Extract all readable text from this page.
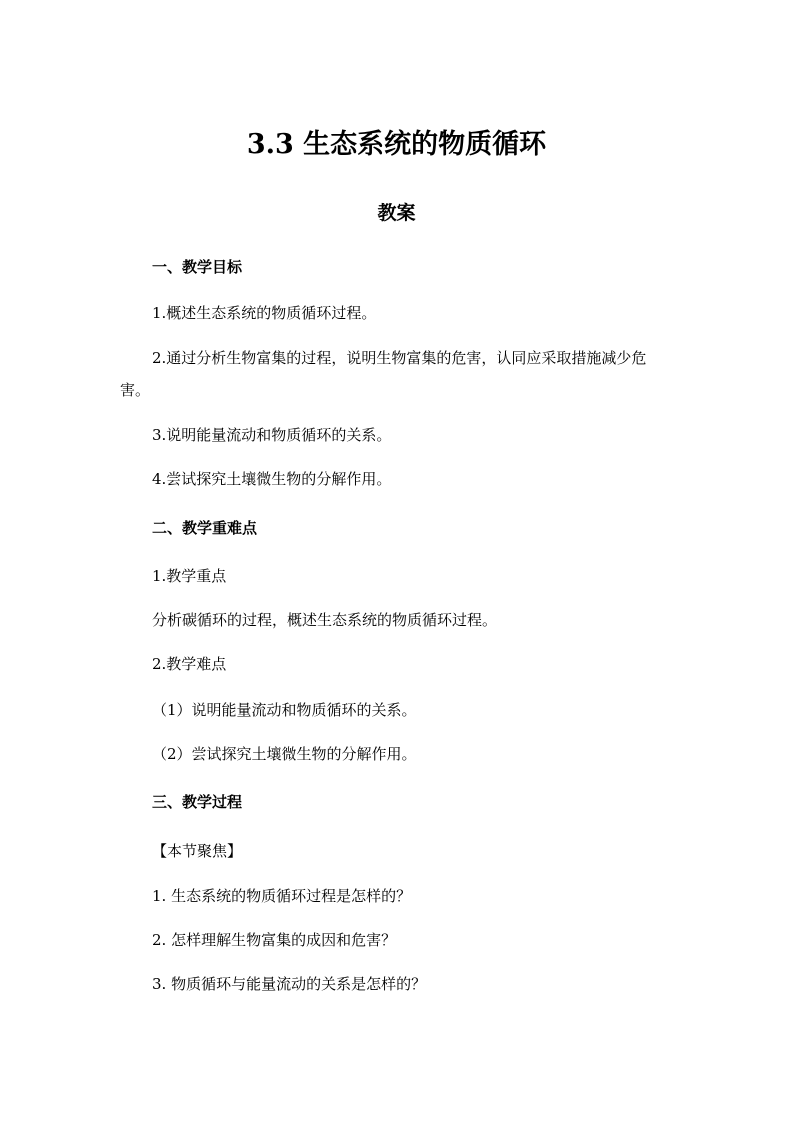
3.3 生态系统的物质循环
教案
一、教学目标
1.概述生态系统的物质循环过程。
2.通过分析生物富集的过程，说明生物富集的危害，认同应采取措施减少危
害。
3.说明能量流动和物质循环的关系。
4.尝试探究土壤微生物的分解作用。
二、教学重难点
1.教学重点
分析碳循环的过程，概述生态系统的物质循环过程。
2.教学难点
（1）说明能量流动和物质循环的关系。
（2）尝试探究土壤微生物的分解作用。
三、教学过程
【本节聚焦】
1. 生态系统的物质循环过程是怎样的？
2. 怎样理解生物富集的成因和危害？
3. 物质循环与能量流动的关系是怎样的？
